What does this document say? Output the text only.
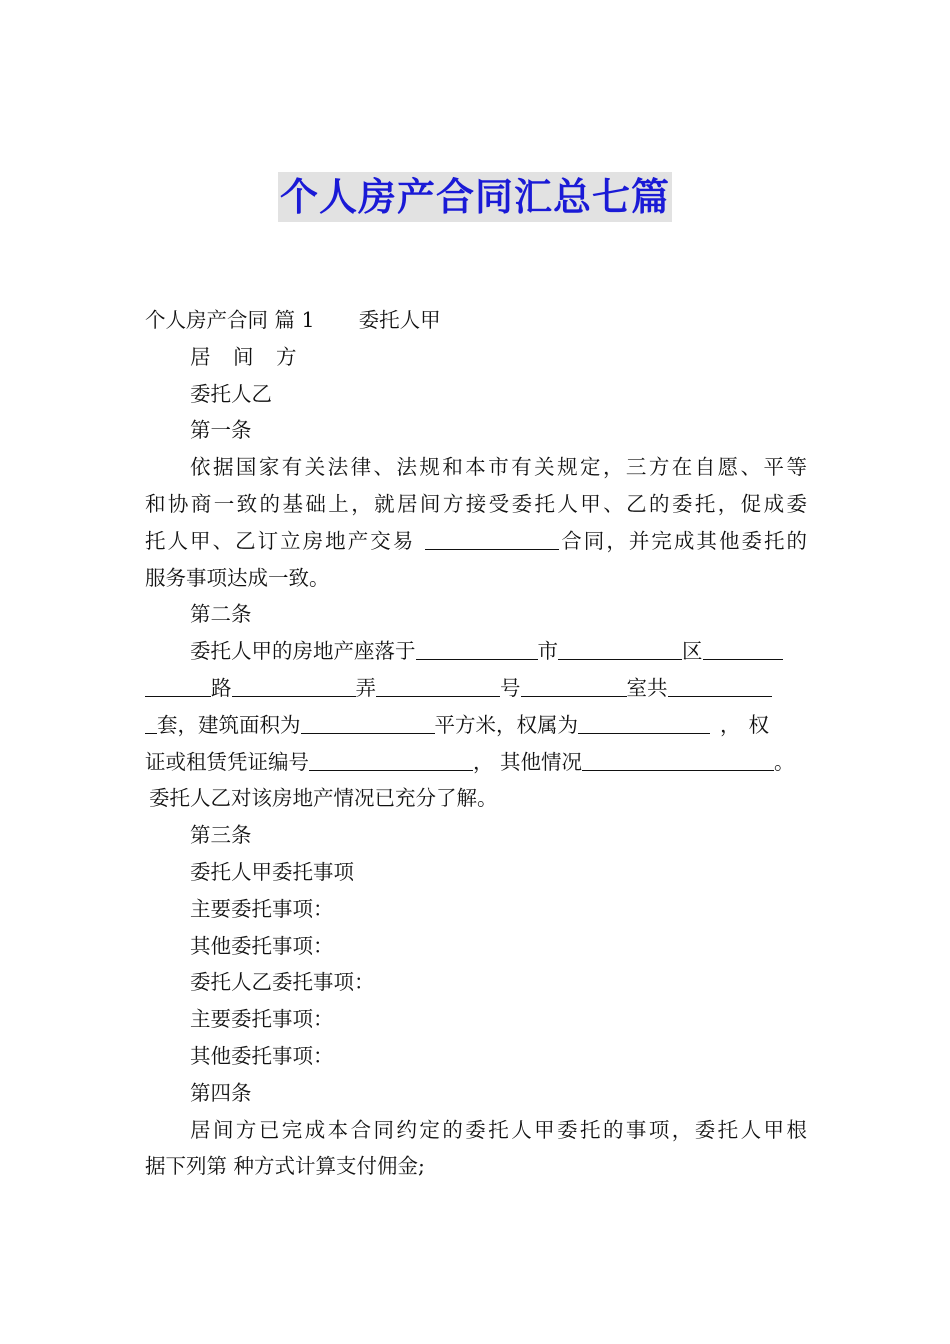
个人房产合同汇总七篇
个人房产合同 篇 1 委托人甲
居 间 方
委托人乙
第一条
依据国家有关法律、法规和本市有关规定，三方在自愿、平等
和协商一致的基础上，就居间方接受委托人甲、乙的委托，促成委
托人甲、乙订立房地产交易	合同，并完成其他委托的
服务事项达成一致。
第二条
委托人甲的房地产座落于	市	区
路	弄	号	室共
套，建筑面积为	平方米，权属为	，权
证或租赁凭证编号	， 其他情况	。
委托人乙对该房地产情况已充分了解。
第三条
委托人甲委托事项
主要委托事项：
其他委托事项：
委托人乙委托事项：
主要委托事项：
其他委托事项：
第四条
居间方已完成本合同约定的委托人甲委托的事项，委托人甲根
据下列第 种方式计算支付佣金;
